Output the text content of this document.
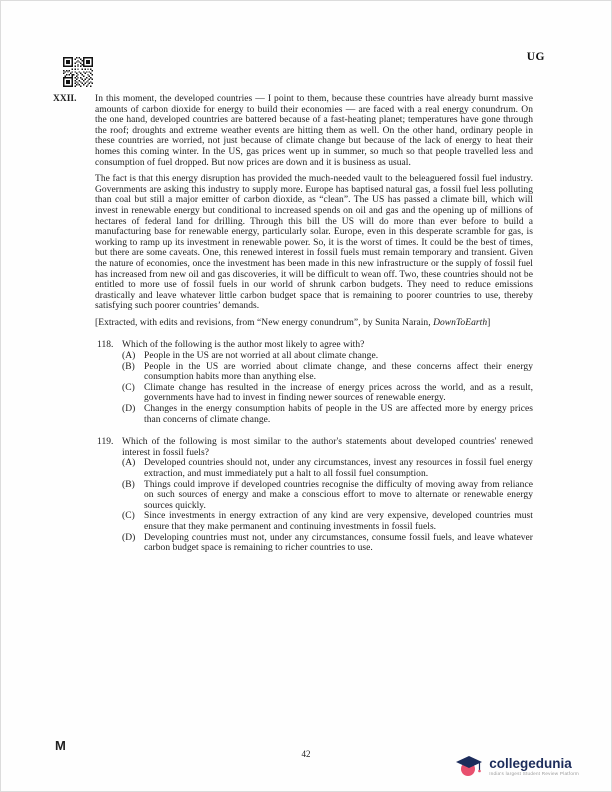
UG
XXII. In this moment, the developed countries — I point to them, because these countries have already burnt massive amounts of carbon dioxide for energy to build their economies — are faced with a real energy conundrum. On the one hand, developed countries are battered because of a fast-heating planet; temperatures have gone through the roof; droughts and extreme weather events are hitting them as well. On the other hand, ordinary people in these countries are worried, not just because of climate change but because of the lack of energy to heat their homes this coming winter. In the US, gas prices went up in summer, so much so that people travelled less and consumption of fuel dropped. But now prices are down and it is business as usual.

The fact is that this energy disruption has provided the much-needed vault to the beleaguered fossil fuel industry. Governments are asking this industry to supply more. Europe has baptised natural gas, a fossil fuel less polluting than coal but still a major emitter of carbon dioxide, as “clean”. The US has passed a climate bill, which will invest in renewable energy but conditional to increased spends on oil and gas and the opening up of millions of hectares of federal land for drilling. Through this bill the US will do more than ever before to build a manufacturing base for renewable energy, particularly solar. Europe, even in this desperate scramble for gas, is working to ramp up its investment in renewable power. So, it is the worst of times. It could be the best of times, but there are some caveats. One, this renewed interest in fossil fuels must remain temporary and transient. Given the nature of economies, once the investment has been made in this new infrastructure or the supply of fossil fuel has increased from new oil and gas discoveries, it will be difficult to wean off. Two, these countries should not be entitled to more use of fossil fuels in our world of shrunk carbon budgets. They need to reduce emissions drastically and leave whatever little carbon budget space that is remaining to poorer countries to use, thereby satisfying such poorer countries’ demands.

[Extracted, with edits and revisions, from “New energy conundrum”, by Sunita Narain, DownToEarth]

118. Which of the following is the author most likely to agree with?
(A) People in the US are not worried at all about climate change.
(B) People in the US are worried about climate change, and these concerns affect their energy consumption habits more than anything else.
(C) Climate change has resulted in the increase of energy prices across the world, and as a result, governments have had to invest in finding newer sources of renewable energy.
(D) Changes in the energy consumption habits of people in the US are affected more by energy prices than concerns of climate change.
119. Which of the following is most similar to the author's statements about developed countries' renewed interest in fossil fuels?
(A) Developed countries should not, under any circumstances, invest any resources in fossil fuel energy extraction, and must immediately put a halt to all fossil fuel consumption.
(B) Things could improve if developed countries recognise the difficulty of moving away from reliance on such sources of energy and make a conscious effort to move to alternate or renewable energy sources quickly.
(C) Since investments in energy extraction of any kind are very expensive, developed countries must ensure that they make permanent and continuing investments in fossil fuels.
(D) Developing countries must not, under any circumstances, consume fossil fuels, and leave whatever carbon budget space is remaining to richer countries to use.
M
42
collegedunia
India's largest Student Review Platform
